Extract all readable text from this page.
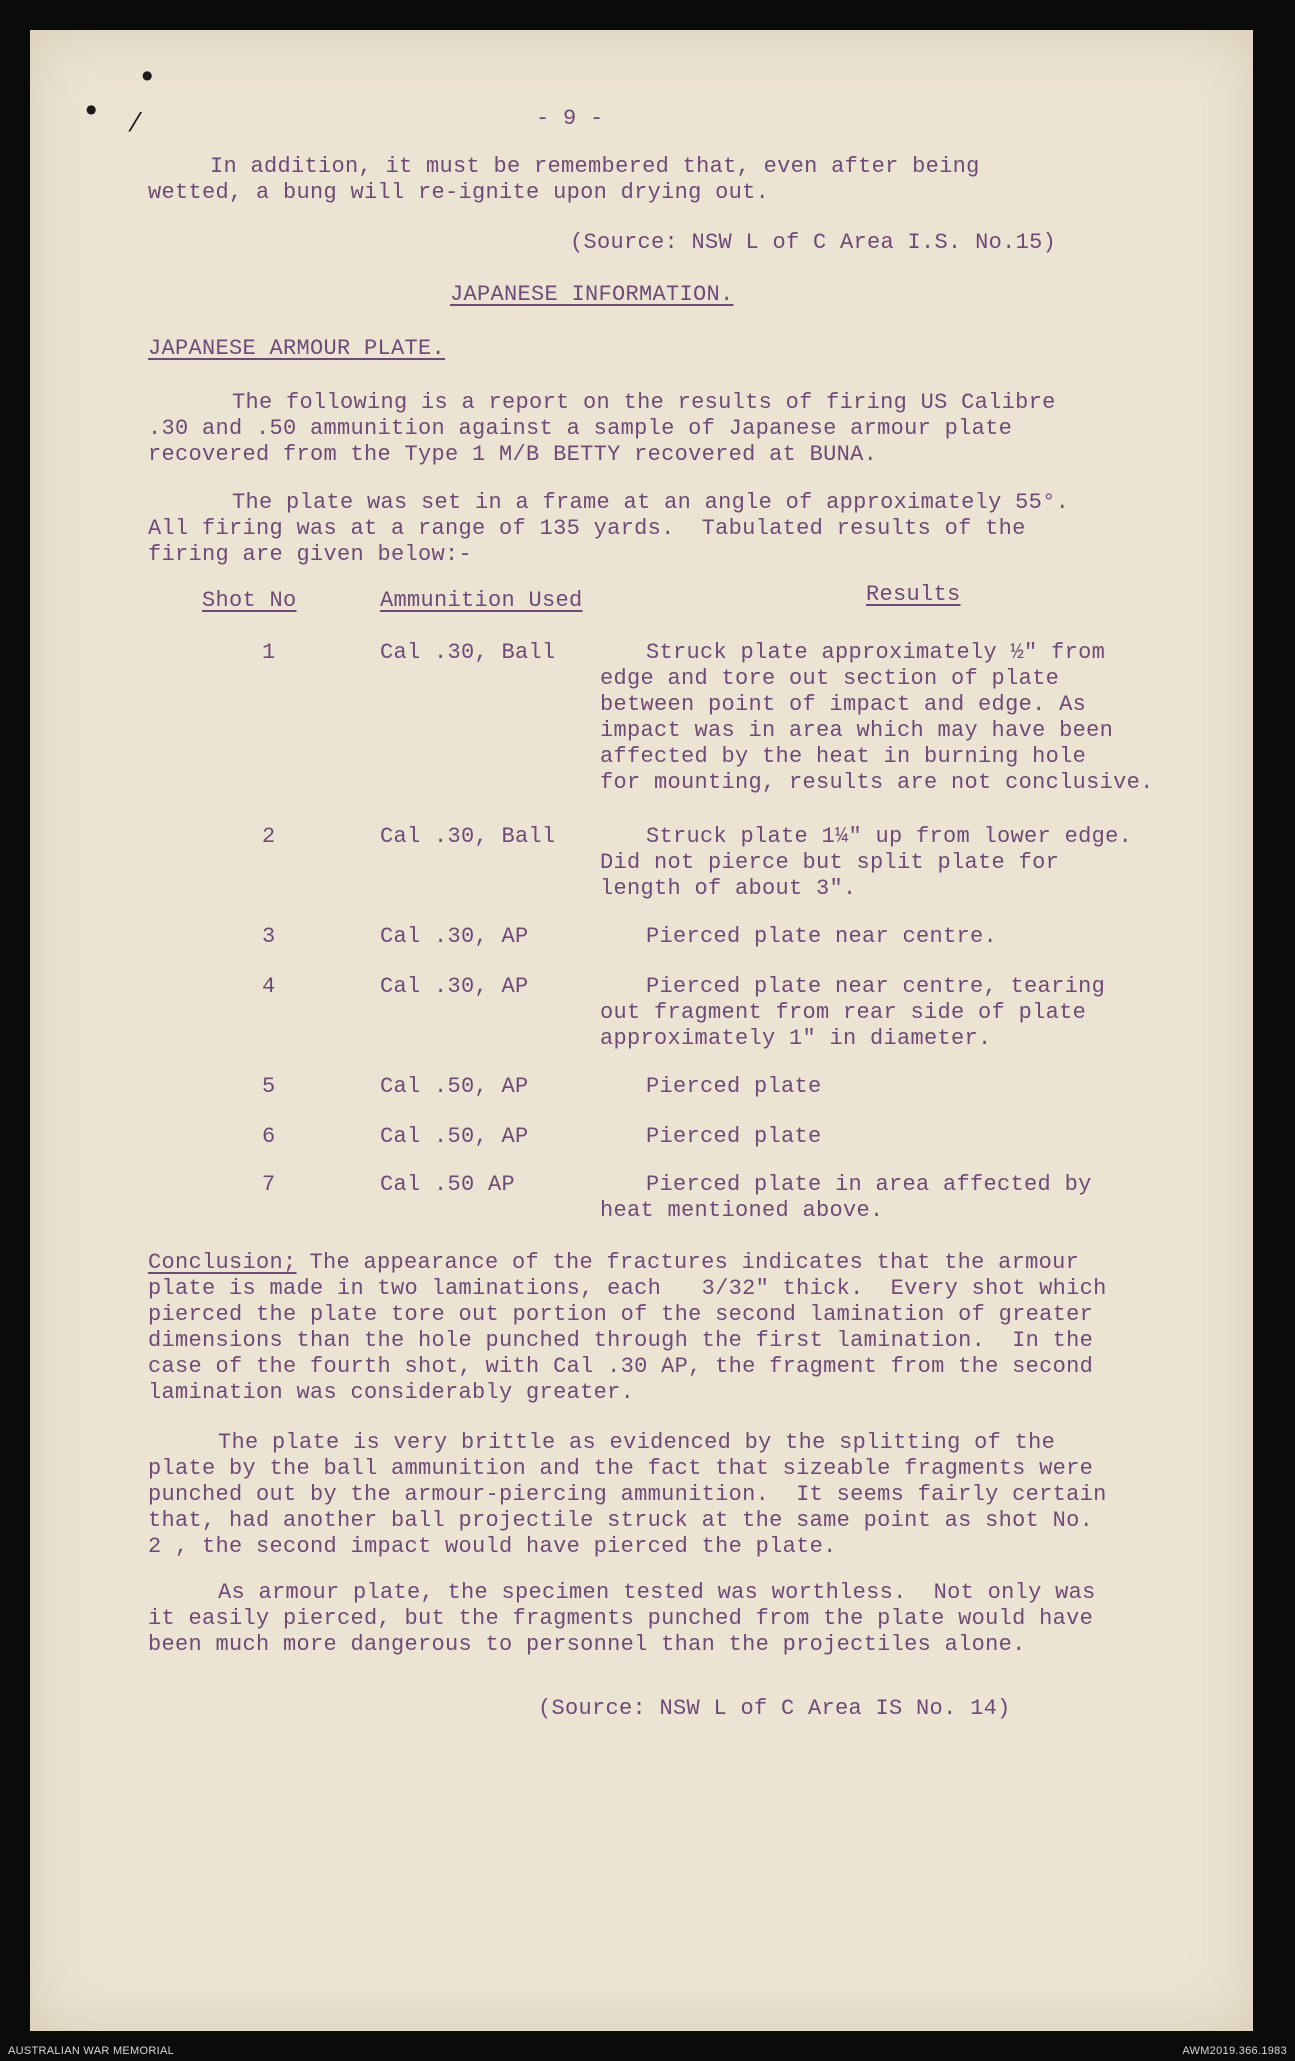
●
● ⁄	- 9 -
In addition, it must be remembered that, even after being
wetted, a bung will re-ignite upon drying out.
(Source: NSW L of C Area I.S. No.15)
JAPANESE INFORMATION.
JAPANESE ARMOUR PLATE.
The following is a report on the results of firing US Calibre
.30 and .50 ammunition against a sample of Japanese armour plate
recovered from the Type 1 M/B BETTY recovered at BUNA.
The plate was set in a frame at an angle of approximately 55°.
All firing was at a range of 135 yards.  Tabulated results of the
firing are given below:-
Shot No	Ammunition Used	Results
1	Cal .30, Ball	Struck plate approximately ½" from
edge and tore out section of plate
between point of impact and edge. As
impact was in area which may have been
affected by the heat in burning hole
for mounting, results are not conclusive.
2	Cal .30, Ball	Struck plate 1¼" up from lower edge.
Did not pierce but split plate for
length of about 3".
3	Cal .30, AP	Pierced plate near centre.
4	Cal .30, AP	Pierced plate near centre, tearing
out fragment from rear side of plate
approximately 1" in diameter.
5	Cal .50, AP	Pierced plate
6	Cal .50, AP	Pierced plate
7	Cal .50 AP	Pierced plate in area affected by
heat mentioned above.
Conclusion; The appearance of the fractures indicates that the armour
plate is made in two laminations, each   3/32" thick.  Every shot which
pierced the plate tore out portion of the second lamination of greater
dimensions than the hole punched through the first lamination.  In the
case of the fourth shot, with Cal .30 AP, the fragment from the second
lamination was considerably greater.
The plate is very brittle as evidenced by the splitting of the
plate by the ball ammunition and the fact that sizeable fragments were
punched out by the armour-piercing ammunition.  It seems fairly certain
that, had another ball projectile struck at the same point as shot No.
2 , the second impact would have pierced the plate.
As armour plate, the specimen tested was worthless.  Not only was
it easily pierced, but the fragments punched from the plate would have
been much more dangerous to personnel than the projectiles alone.
(Source: NSW L of C Area IS No. 14)
AUSTRALIAN WAR MEMORIAL	AWM2019.366.1983
